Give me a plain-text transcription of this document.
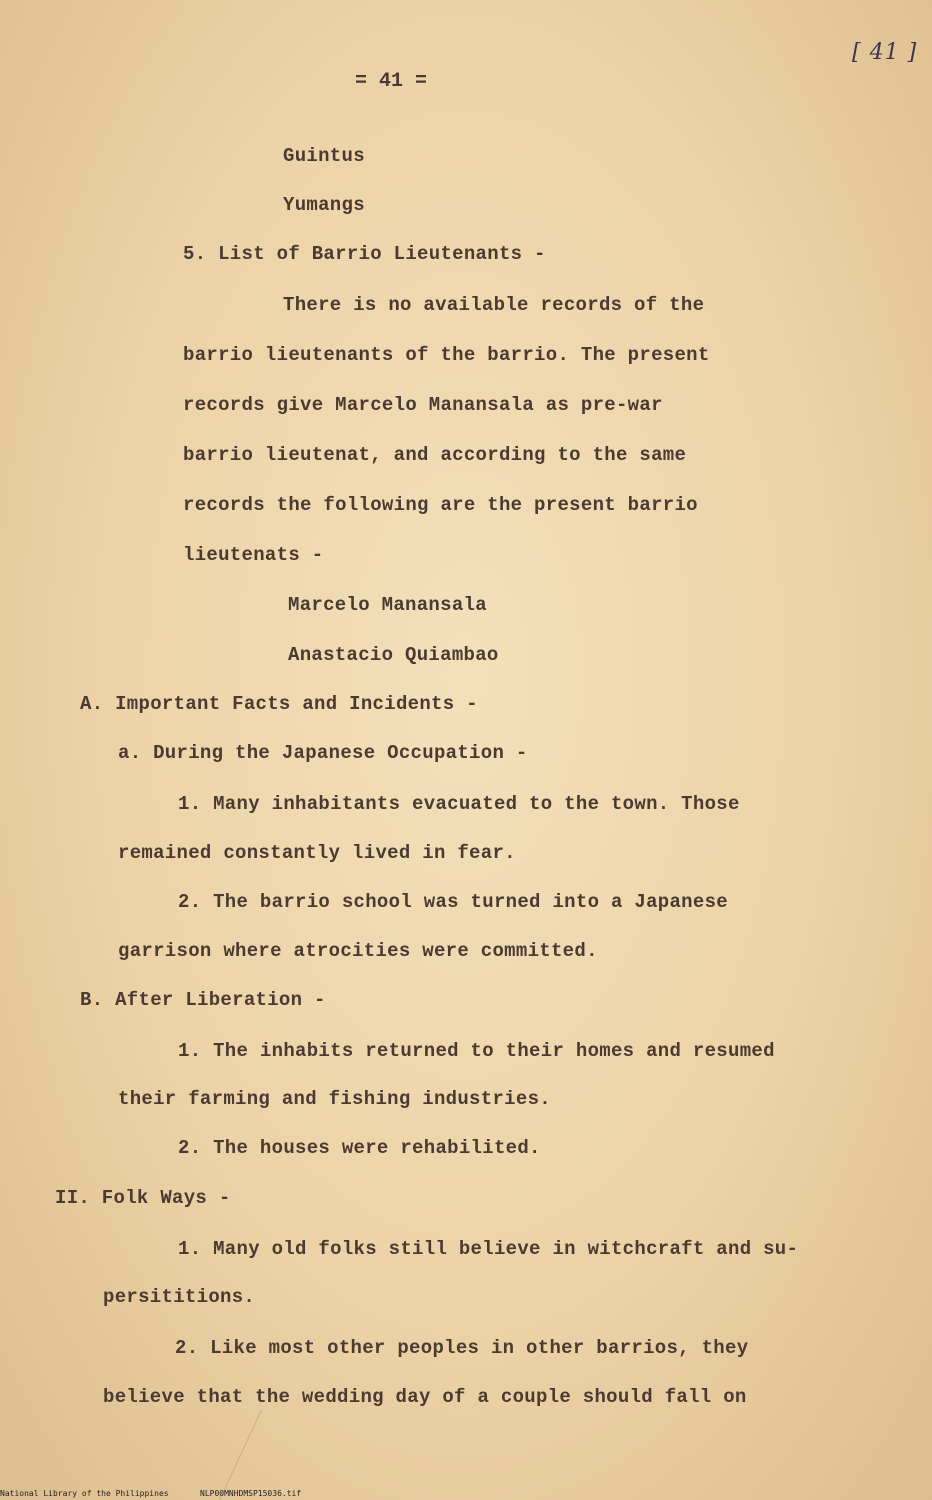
[ 41 ]
= 41 =
Guintus
Yumangs
5. List of Barrio Lieutenants -
There is no available records of the
barrio lieutenants of the barrio. The present
records give Marcelo Manansala as pre-war
barrio lieutenat, and according to the same
records the following are the present barrio
lieutenats -
Marcelo Manansala
Anastacio Quiambao
A. Important Facts and Incidents -
a. During the Japanese Occupation -
1. Many inhabitants evacuated to the town. Those
remained constantly lived in fear.
2. The barrio school was turned into a Japanese
garrison where atrocities were committed.
B. After Liberation -
1. The inhabits returned to their homes and resumed
their farming and fishing industries.
2. The houses were rehabilited.
II. Folk Ways -
1. Many old folks still believe in witchcraft and su-
persititions.
2. Like most other peoples in other barrios, they
believe that the wedding day of a couple should fall on
National Library of the Philippines	NLP00MNHDMSP15036.tif
